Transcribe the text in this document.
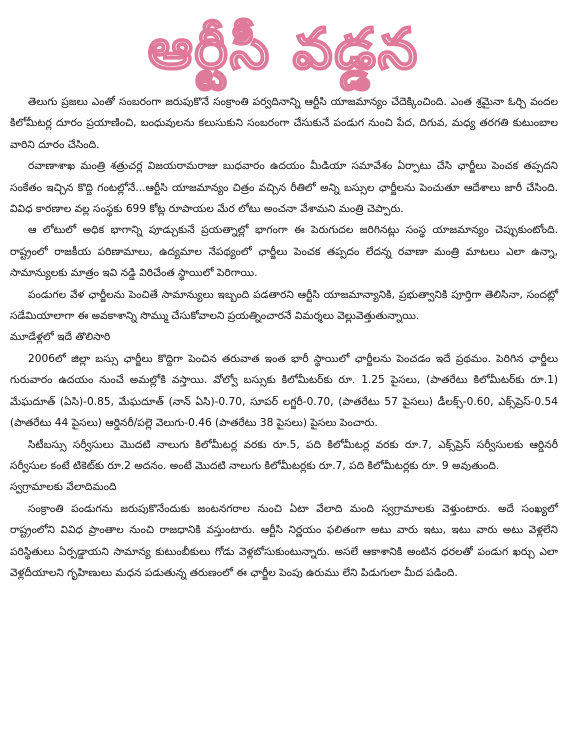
ఆర్టీసీ వడ్డన

తెలుగు ప్రజలు ఎంతో సంబరంగా జరుపుకొనే సంక్రాంతి పర్వదినాన్ని ఆర్టీసి యాజమాన్యం చేదెక్కించింది. ఎంత శ్రమైనా ఓర్చి వందల కిలోమీటర్ల దూరం ప్రయాణించి, బంధువులను కలుసుకుని సంబరంగా చేసుకునే పండుగ నుంచి పేద, దిగువ, మధ్య తరగతి కుటుంబాల వారిని దూరం చేసింది.

రవాణాశాఖ మంత్రి శత్రుచర్ల విజయరామరాజు బుధవారం ఉదయం మీడియా సమావేశం ఏర్పాటు చేసి ఛార్జీలు పెంచక తప్పదని సంకేతం ఇచ్చిన కొద్ది గంటల్లోనే...ఆర్టీసి యాజమాన్యం చిత్రం వచ్చిన రీతిలో అన్ని బస్సుల ఛార్జీలను పెంచుతూ ఆదేశాలు జారీ చేసింది. వివిధ కారణాల వల్ల సంస్థకు 699 కోట్ల రూపాయల మేర లోటు అంచనా వేశామని మంత్రి చెప్పారు.

ఆ లోటులో అధిక భాగాన్ని పూడ్చుకునే ప్రయత్నాల్లో భాగంగా ఈ పెరుగుదల జరిగినట్లు సంస్థ యాజమాన్యం చెప్పుకుంటోంది. రాష్ట్రంలో రాజకీయ పరిణామాలు, ఉద్యమాల నేపథ్యంలో ఛార్జీలు పెంచక తప్పదం లేదన్న రవాణా మంత్రి మాటలు ఎలా ఉన్నా, సామాన్యులకు మాత్రం ఇవి నడ్డి విరిచేంత స్థాయిలో పెరిగాయి.

పండుగల వేళ ఛార్జీలను పెంచితే సామాన్యులు ఇబ్బంది పడతారని ఆర్టీసి యాజమాన్యానికి, ప్రభుత్వానికి పూర్తిగా తెలిసినా, సందట్లో సడేమియాలాగా ఈ అవకాశాన్ని సొమ్ము చేసుకోవాలని ప్రయత్నించారనే విమర్శలు వెల్లువెత్తుతున్నాయి.

మూడేళ్లలో ఇదే తొలిసారి

2006లో జిల్లా బస్సు ఛార్జీలు కొద్దిగా పెంచిన తరువాత ఇంత భారీ స్థాయిలో ఛార్జీలను పెంచడం ఇదే ప్రథమం. పెరిగిన ఛార్జీలు గురువారం ఉదయం నుంచే అమల్లోకి వస్తాయి. వోల్వో బస్సుకు కిలోమీటర్‌కు రూ. 1.25 పైసలు, (పాతరేటు కిలోమీటర్‌కు రూ.1) మేఘదూత్ (ఏసి)-0.85, మేఘదూత్ (నాన్ ఏసి)-0.70, సూపర్ లగ్జరీ-0.70, (పాతరేటు 57 పైసలు) డీలక్స్-0.60, ఎక్స్‌ప్రెస్-0.54 (పాతరేటు 44 పైసలు) ఆర్డినరీ/పల్లె వెలుగు-0.46 (పాతరేటు 38 పైసలు) పైసలు పెంచారు.

సిటీబస్సు సర్వీసులు మొదటి నాలుగు కిలోమీటర్ల వరకు రూ.5, పది కిలోమీటర్ల వరకు రూ.7, ఎక్స్‌ప్రెస్ సర్వీసులకు ఆర్డినరీ సర్వీసుల కంటే టికెట్‌కు రూ.2 అదనం. అంటే మొదటి నాలుగు కిలోమీటర్లకు రూ.7, పది కిలోమీటర్లకు రూ. 9 అవుతుంది.

స్వగ్రామాలకు వేలాదిమంది

సంక్రాంతి పండుగను జరుపుకొనేందుకు జంటనగరాల నుంచి ఏటా వేలాది మంది స్వగ్రామాలకు వెళ్తుంటారు. అదే సంఖ్యలో రాష్ట్రంలోని వివిధ ప్రాంతాల నుంచి రాజధానికి వస్తుంటారు. ఆర్టీసి నిర్ణయం ఫలితంగా అటు వారు ఇటు, ఇటు వారు అటు వెళ్లలేని పరిస్థితులు ఏర్పడ్డాయని సామాన్య కుటుంబీకులు గోడు వెళ్లబోసుకుంటున్నారు. అసలే ఆకాశానికి అంటిన ధరలతో పండుగ ఖర్చు ఎలా వెళ్లదీయాలని గృహిణులు మధన పడుతున్న తరుణంలో ఈ ఛార్జీల పెంపు ఉరుము లేని పిడుగులా మీద పడింది.
